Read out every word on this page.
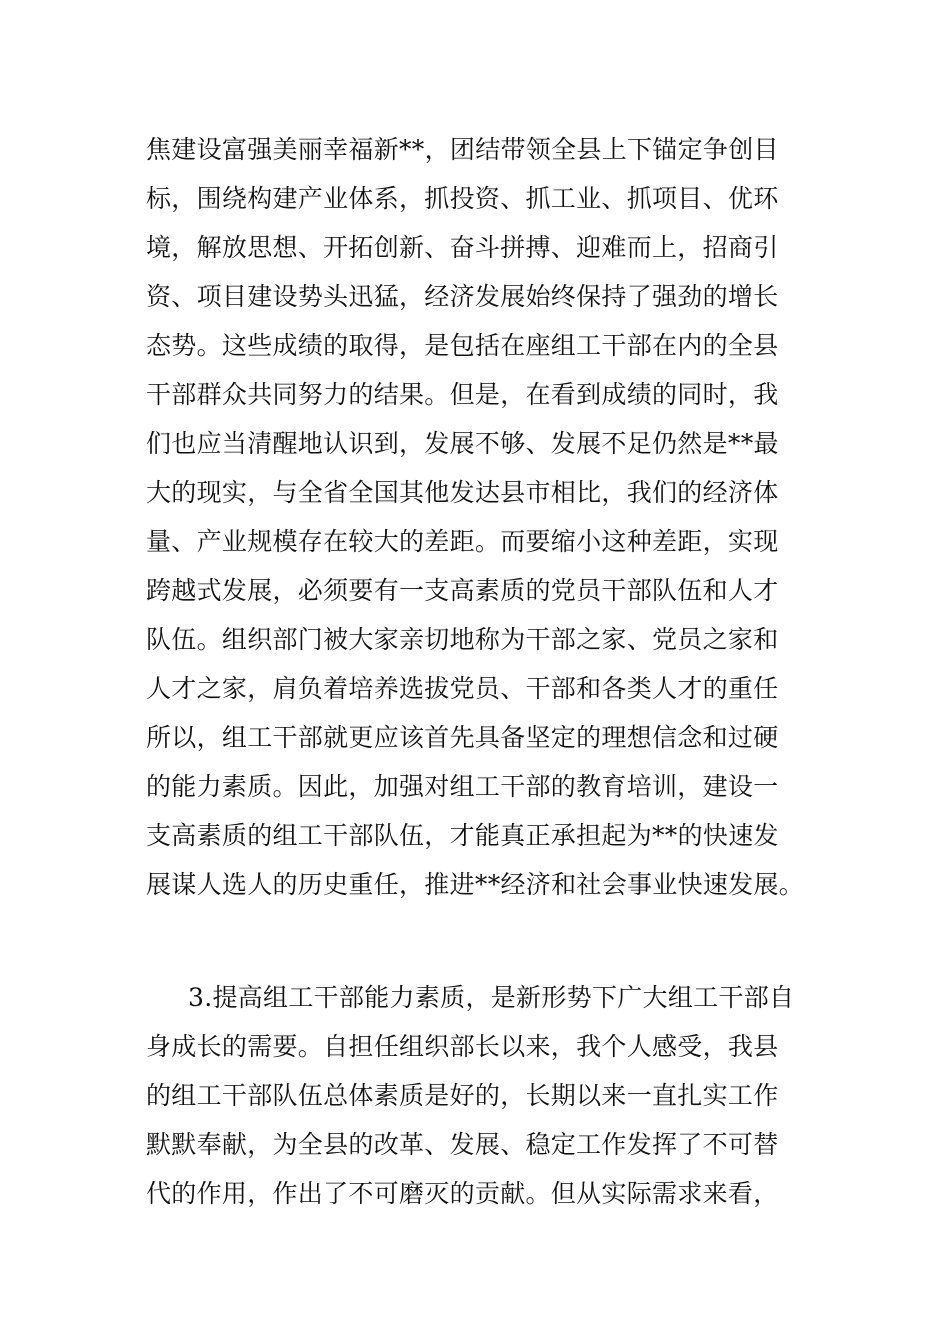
焦建设富强美丽幸福新**，团结带领全县上下锚定争创目
标，围绕构建产业体系，抓投资、抓工业、抓项目、优环
境，解放思想、开拓创新、奋斗拼搏、迎难而上，招商引
资、项目建设势头迅猛，经济发展始终保持了强劲的增长
态势。这些成绩的取得，是包括在座组工干部在内的全县
干部群众共同努力的结果。但是，在看到成绩的同时，我
们也应当清醒地认识到，发展不够、发展不足仍然是**最
大的现实，与全省全国其他发达县市相比，我们的经济体
量、产业规模存在较大的差距。而要缩小这种差距，实现
跨越式发展，必须要有一支高素质的党员干部队伍和人才
队伍。组织部门被大家亲切地称为干部之家、党员之家和
人才之家，肩负着培养选拔党员、干部和各类人才的重任
所以，组工干部就更应该首先具备坚定的理想信念和过硬
的能力素质。因此，加强对组工干部的教育培训，建设一
支高素质的组工干部队伍，才能真正承担起为**的快速发
展谋人选人的历史重任，推进**经济和社会事业快速发展。
3.提高组工干部能力素质，是新形势下广大组工干部自
身成长的需要。自担任组织部长以来，我个人感受，我县
的组工干部队伍总体素质是好的，长期以来一直扎实工作
默默奉献，为全县的改革、发展、稳定工作发挥了不可替
代的作用，作出了不可磨灭的贡献。但从实际需求来看，
